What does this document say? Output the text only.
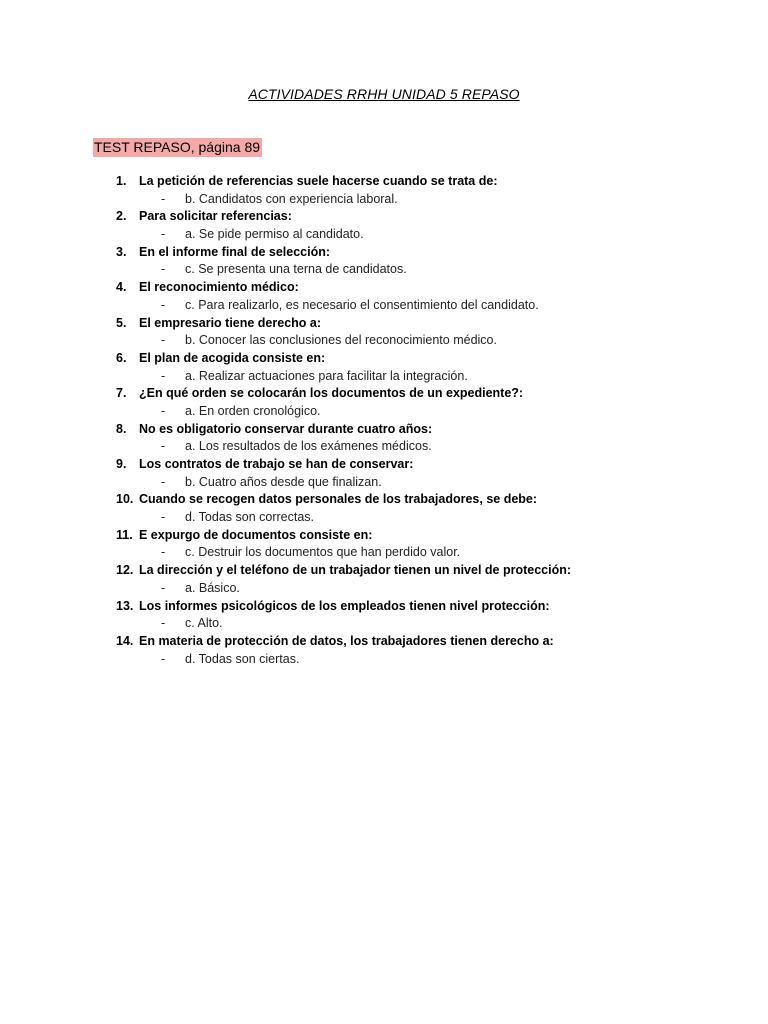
ACTIVIDADES RRHH UNIDAD 5 REPASO
TEST REPASO, página 89
1. La petición de referencias suele hacerse cuando se trata de:
- b. Candidatos con experiencia laboral.
2. Para solicitar referencias:
- a. Se pide permiso al candidato.
3. En el informe final de selección:
- c. Se presenta una terna de candidatos.
4. El reconocimiento médico:
- c. Para realizarlo, es necesario el consentimiento del candidato.
5. El empresario tiene derecho a:
- b. Conocer las conclusiones del reconocimiento médico.
6. El plan de acogida consiste en:
- a. Realizar actuaciones para facilitar la integración.
7. ¿En qué orden se colocarán los documentos de un expediente?:
- a. En orden cronológico.
8. No es obligatorio conservar durante cuatro años:
- a. Los resultados de los exámenes médicos.
9. Los contratos de trabajo se han de conservar:
- b. Cuatro años desde que finalizan.
10. Cuando se recogen datos personales de los trabajadores, se debe:
- d. Todas son correctas.
11. E expurgo de documentos consiste en:
- c. Destruir los documentos que han perdido valor.
12. La dirección y el teléfono de un trabajador tienen un nivel de protección:
- a. Básico.
13. Los informes psicológicos de los empleados tienen nivel protección:
- c. Alto.
14. En materia de protección de datos, los trabajadores tienen derecho a:
- d. Todas son ciertas.
